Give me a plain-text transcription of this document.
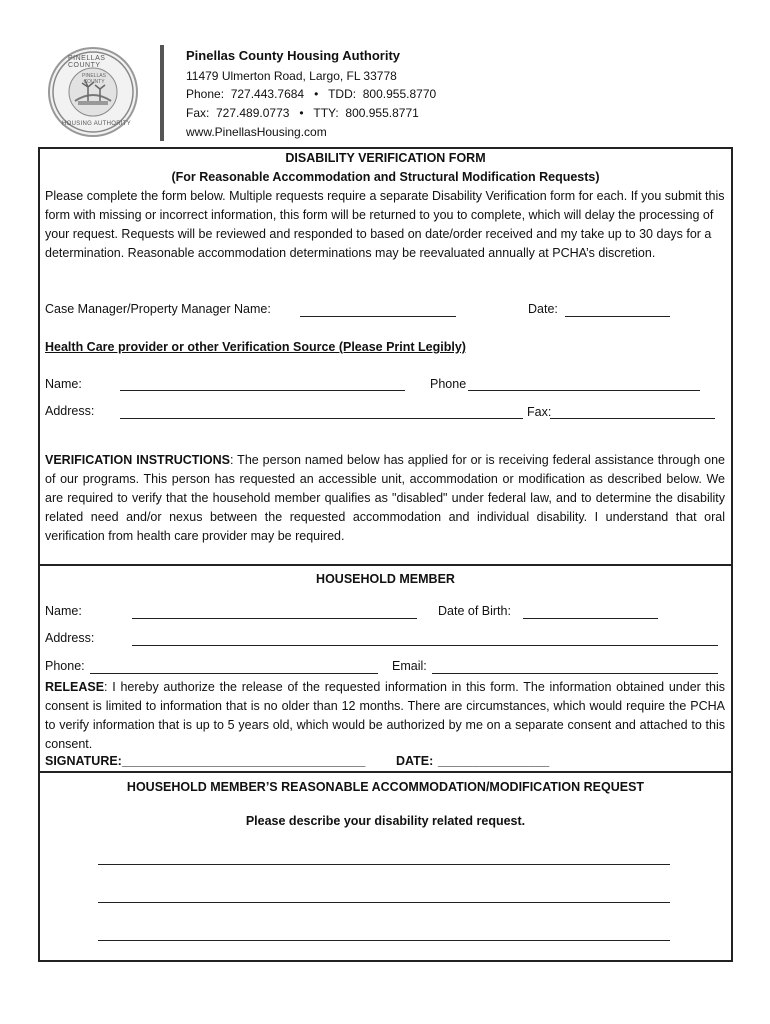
PINELLAS COUNTY
HOUSING AUTHORITY
PINELLAS COUNTY
Pinellas County Housing Authority
11479 Ulmerton Road, Largo, FL 33778
Phone:  727.443.7684   •   TDD:  800.955.8770
Fax:  727.489.0773   •   TTY:  800.955.8771
www.PinellasHousing.com
DISABILITY VERIFICATION FORM
(For Reasonable Accommodation and Structural Modification Requests)
Please complete the form below. Multiple requests require a separate Disability Verification form for each. If you submit this form with missing or incorrect information, this form will be returned to you to complete, which will delay the processing of your request. Requests will be reviewed and responded to based on date/order received and my take up to 30 days for a determination. Reasonable accommodation determinations may be reevaluated annually at PCHA’s discretion.
Case Manager/Property Manager Name:	Date:
Health Care provider or other Verification Source (Please Print Legibly)
Name:	Phone
Address:	Fax:
VERIFICATION INSTRUCTIONS: The person named below has applied for or is receiving federal assistance through one of our programs. This person has requested an accessible unit, accommodation or modification as described below. We are required to verify that the household member qualifies as "disabled" under federal law, and to determine the disability related need and/or nexus between the requested accommodation and individual disability. I understand that oral verification from health care provider may be required.
HOUSEHOLD MEMBER
Name:	Date of Birth:
Address:
Phone:	Email:
RELEASE: I hereby authorize the release of the requested information in this form. The information obtained under this consent is limited to information that is no older than 12 months. There are circumstances, which would require the PCHA to verify information that is up to 5 years old, which would be authorized by me on a separate consent and attached to this consent.
SIGNATURE: ___________________________________ DATE: ________________
HOUSEHOLD MEMBER’S REASONABLE ACCOMMODATION/MODIFICATION REQUEST
Please describe your disability related request.
